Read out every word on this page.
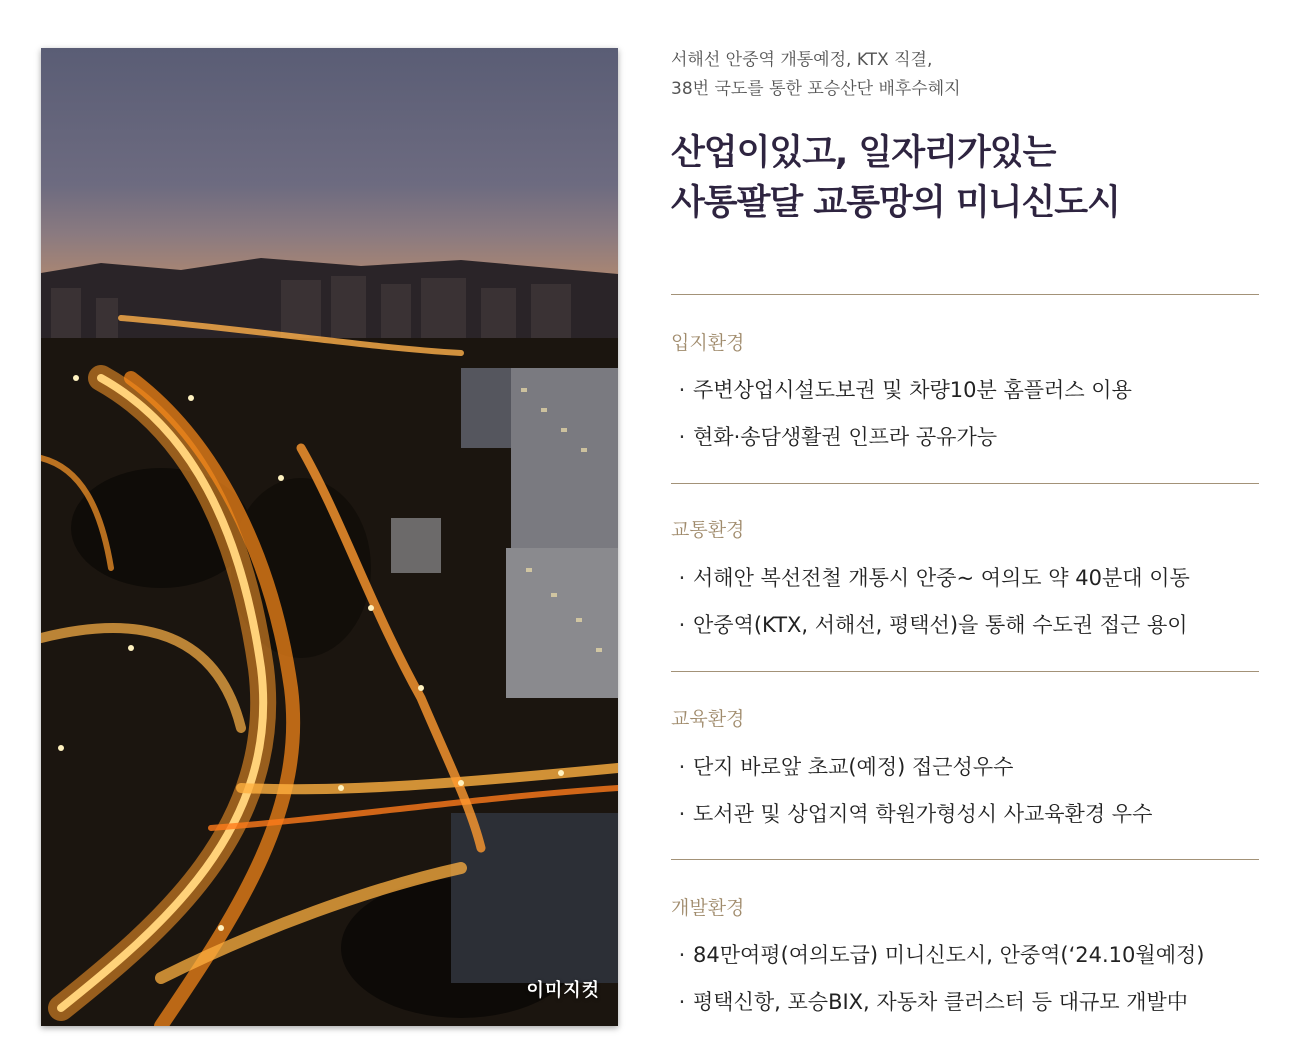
이미지컷
서해선 안중역 개통예정, KTX 직결,
38번 국도를 통한 포승산단 배후수혜지
산업이있고, 일자리가있는
사통팔달 교통망의 미니신도시
입지환경
· 주변상업시설도보권 및 차량10분 홈플러스 이용
· 현화·송담생활권 인프라 공유가능
교통환경
· 서해안 복선전철 개통시 안중~ 여의도 약 40분대 이동
· 안중역(KTX, 서해선, 평택선)을 통해 수도권 접근 용이
교육환경
· 단지 바로앞 초교(예정) 접근성우수
· 도서관 및 상업지역 학원가형성시 사교육환경 우수
개발환경
· 84만여평(여의도급) 미니신도시, 안중역(‘24.10월예정)
· 평택신항, 포승BIX, 자동차 클러스터 등 대규모 개발中
